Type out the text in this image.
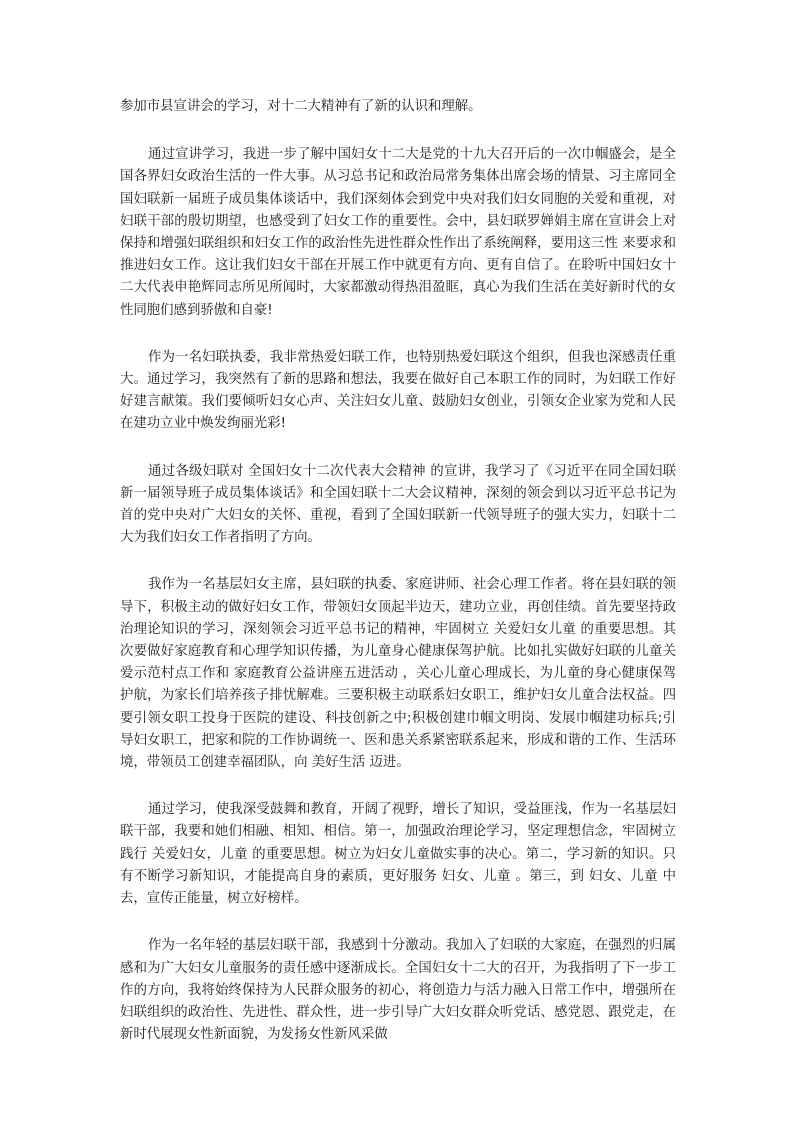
参加市县宣讲会的学习，对十二大精神有了新的认识和理解。

通过宣讲学习，我进一步了解中国妇女十二大是党的十九大召开后的一次巾帼盛会，是全国各界妇女政治生活的一件大事。从习总书记和政治局常务集体出席会场的情景、习主席同全国妇联新一届班子成员集体谈话中，我们深刻体会到党中央对我们妇女同胞的关爱和重视，对妇联干部的殷切期望，也感受到了妇女工作的重要性。会中，县妇联罗婵娟主席在宣讲会上对保持和增强妇联组织和妇女工作的政治性先进性群众性作出了系统阐释，要用这三性 来要求和推进妇女工作。这让我们妇女干部在开展工作中就更有方向、更有自信了。在聆听中国妇女十二大代表申艳辉同志所见所闻时，大家都激动得热泪盈眶，真心为我们生活在美好新时代的女性同胞们感到骄傲和自豪!

作为一名妇联执委，我非常热爱妇联工作，也特别热爱妇联这个组织，但我也深感责任重大。通过学习，我突然有了新的思路和想法，我要在做好自己本职工作的同时，为妇联工作好好建言献策。我们要倾听妇女心声、关注妇女儿童、鼓励妇女创业，引领女企业家为党和人民在建功立业中焕发绚丽光彩!

通过各级妇联对 全国妇女十二次代表大会精神 的宣讲，我学习了《习近平在同全国妇联新一届领导班子成员集体谈话》和全国妇联十二大会议精神，深刻的领会到以习近平总书记为首的党中央对广大妇女的关怀、重视，看到了全国妇联新一代领导班子的强大实力，妇联十二大为我们妇女工作者指明了方向。

我作为一名基层妇女主席，县妇联的执委、家庭讲师、社会心理工作者。将在县妇联的领导下，积极主动的做好妇女工作，带领妇女顶起半边天，建功立业，再创佳绩。首先要坚持政治理论知识的学习，深刻领会习近平总书记的精神，牢固树立 关爱妇女儿童 的重要思想。其次要做好家庭教育和心理学知识传播，为儿童身心健康保驾护航。比如扎实做好妇联的儿童关爱示范村点工作和 家庭教育公益讲座五进活动 ，关心儿童心理成长，为儿童的身心健康保驾护航，为家长们培养孩子排忧解难。三要积极主动联系妇女职工，维护妇女儿童合法权益。四要引领女职工投身于医院的建设、科技创新之中;积极创建巾帼文明岗、发展巾帼建功标兵;引导妇女职工，把家和院的工作协调统一、医和患关系紧密联系起来，形成和谐的工作、生活环境，带领员工创建幸福团队，向 美好生活 迈进。

通过学习，使我深受鼓舞和教育，开阔了视野，增长了知识，受益匪浅，作为一名基层妇联干部，我要和她们相融、相知、相信。第一，加强政治理论学习，坚定理想信念，牢固树立践行 关爱妇女，儿童 的重要思想。树立为妇女儿童做实事的决心。第二，学习新的知识。只有不断学习新知识，才能提高自身的素质，更好服务 妇女、儿童 。第三，到 妇女、儿童 中去，宣传正能量，树立好榜样。

作为一名年轻的基层妇联干部，我感到十分激动。我加入了妇联的大家庭，在强烈的归属感和为广大妇女儿童服务的责任感中逐渐成长。全国妇女十二大的召开，为我指明了下一步工作的方向，我将始终保持为人民群众服务的初心，将创造力与活力融入日常工作中，增强所在妇联组织的政治性、先进性、群众性，进一步引导广大妇女群众听党话、感党恩、跟党走，在新时代展现女性新面貌，为发扬女性新风采做
